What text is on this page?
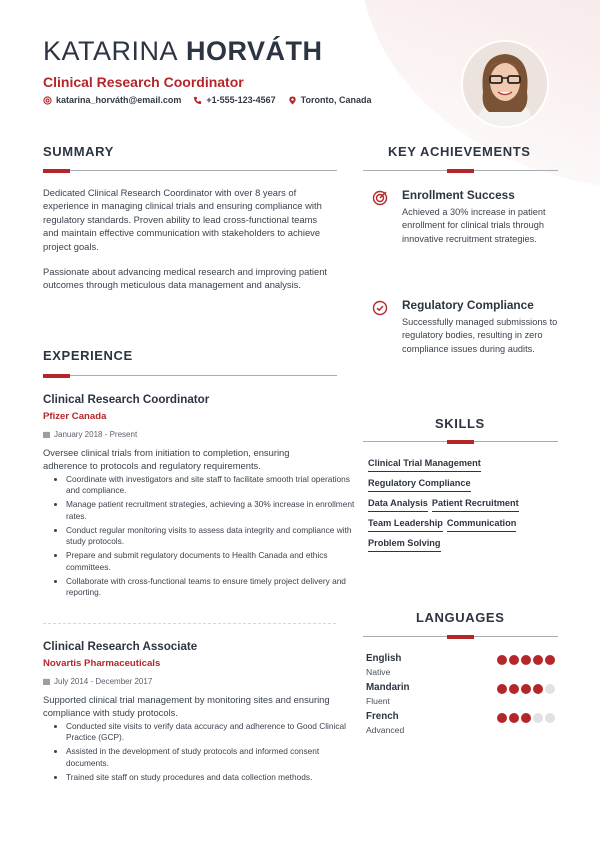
KATARINA HORVÁTH
Clinical Research Coordinator
katarina_horváth@email.com	+1-555-123-4567	Toronto, Canada
SUMMARY

Dedicated Clinical Research Coordinator with over 8 years of experience in managing clinical trials and ensuring compliance with regulatory standards. Proven ability to lead cross-functional teams and maintain effective communication with stakeholders to achieve project goals.

Passionate about advancing medical research and improving patient outcomes through meticulous data management and analysis.

EXPERIENCE
Clinical Research Coordinator
Pfizer Canada
January 2018 - Present

Oversee clinical trials from initiation to completion, ensuring adherence to protocols and regulatory requirements.

• Coordinate with investigators and site staff to facilitate smooth trial operations and compliance.
• Manage patient recruitment strategies, achieving a 30% increase in enrollment rates.
• Conduct regular monitoring visits to assess data integrity and compliance with study protocols.
• Prepare and submit regulatory documents to Health Canada and ethics committees.
• Collaborate with cross-functional teams to ensure timely project delivery and reporting.
Clinical Research Associate
Novartis Pharmaceuticals
July 2014 - December 2017

Supported clinical trial management by monitoring sites and ensuring compliance with study protocols.

• Conducted site visits to verify data accuracy and adherence to Good Clinical Practice (GCP).
• Assisted in the development of study protocols and informed consent documents.
• Trained site staff on study procedures and data collection methods.
KEY ACHIEVEMENTS
Enrollment Success

Achieved a 30% increase in patient enrollment for clinical trials through innovative recruitment strategies.

Regulatory Compliance

Successfully managed submissions to regulatory bodies, resulting in zero compliance issues during audits.

SKILLS
Clinical Trial Management
Regulatory Compliance
Data Analysis Patient Recruitment
Team Leadership Communication
Problem Solving
LANGUAGES
English
Native
Mandarin
Fluent
French
Advanced
